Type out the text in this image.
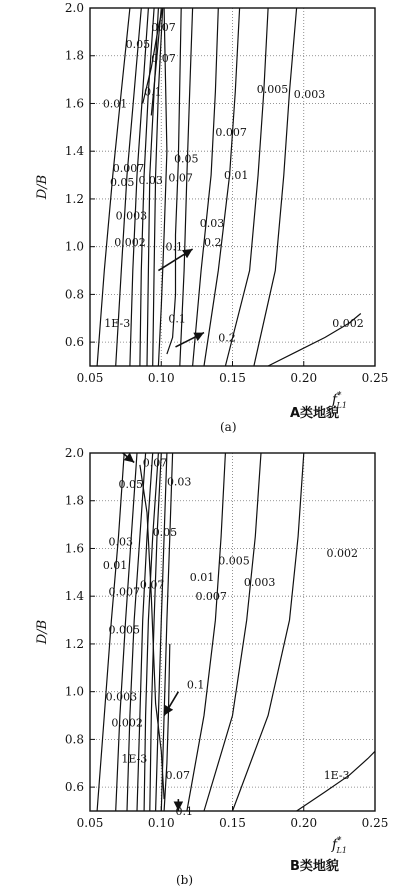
1E-3
0.002
0.003
0.05
0.007
0.03
0.01
0.1
0.1
0.1
0.05
0.05
0.07
0.07
0.07
0.2
0.2
0.03
0.01
0.007
0.005 0.003
0.002
0.05	0.10	0.15	0.20	0.25
0.6
0.8
1.0
1.2
1.4
1.6
1.8
2.0
D/B
f* L1
A类地貌
(a)
1E-3
0.002
0.003
0.005
0.007	0.007
0.01
0.01
0.03
0.03
0.05
0.05
0.07
0.07
0.07
0.1
0.1
0.005
0.003
0.002
1E-3
0.05	0.10	0.15	0.20	0.25
0.6
0.8
1.0
1.2
1.4
1.6
1.8
2.0
D/B
f* L1
B类地貌
(b)
